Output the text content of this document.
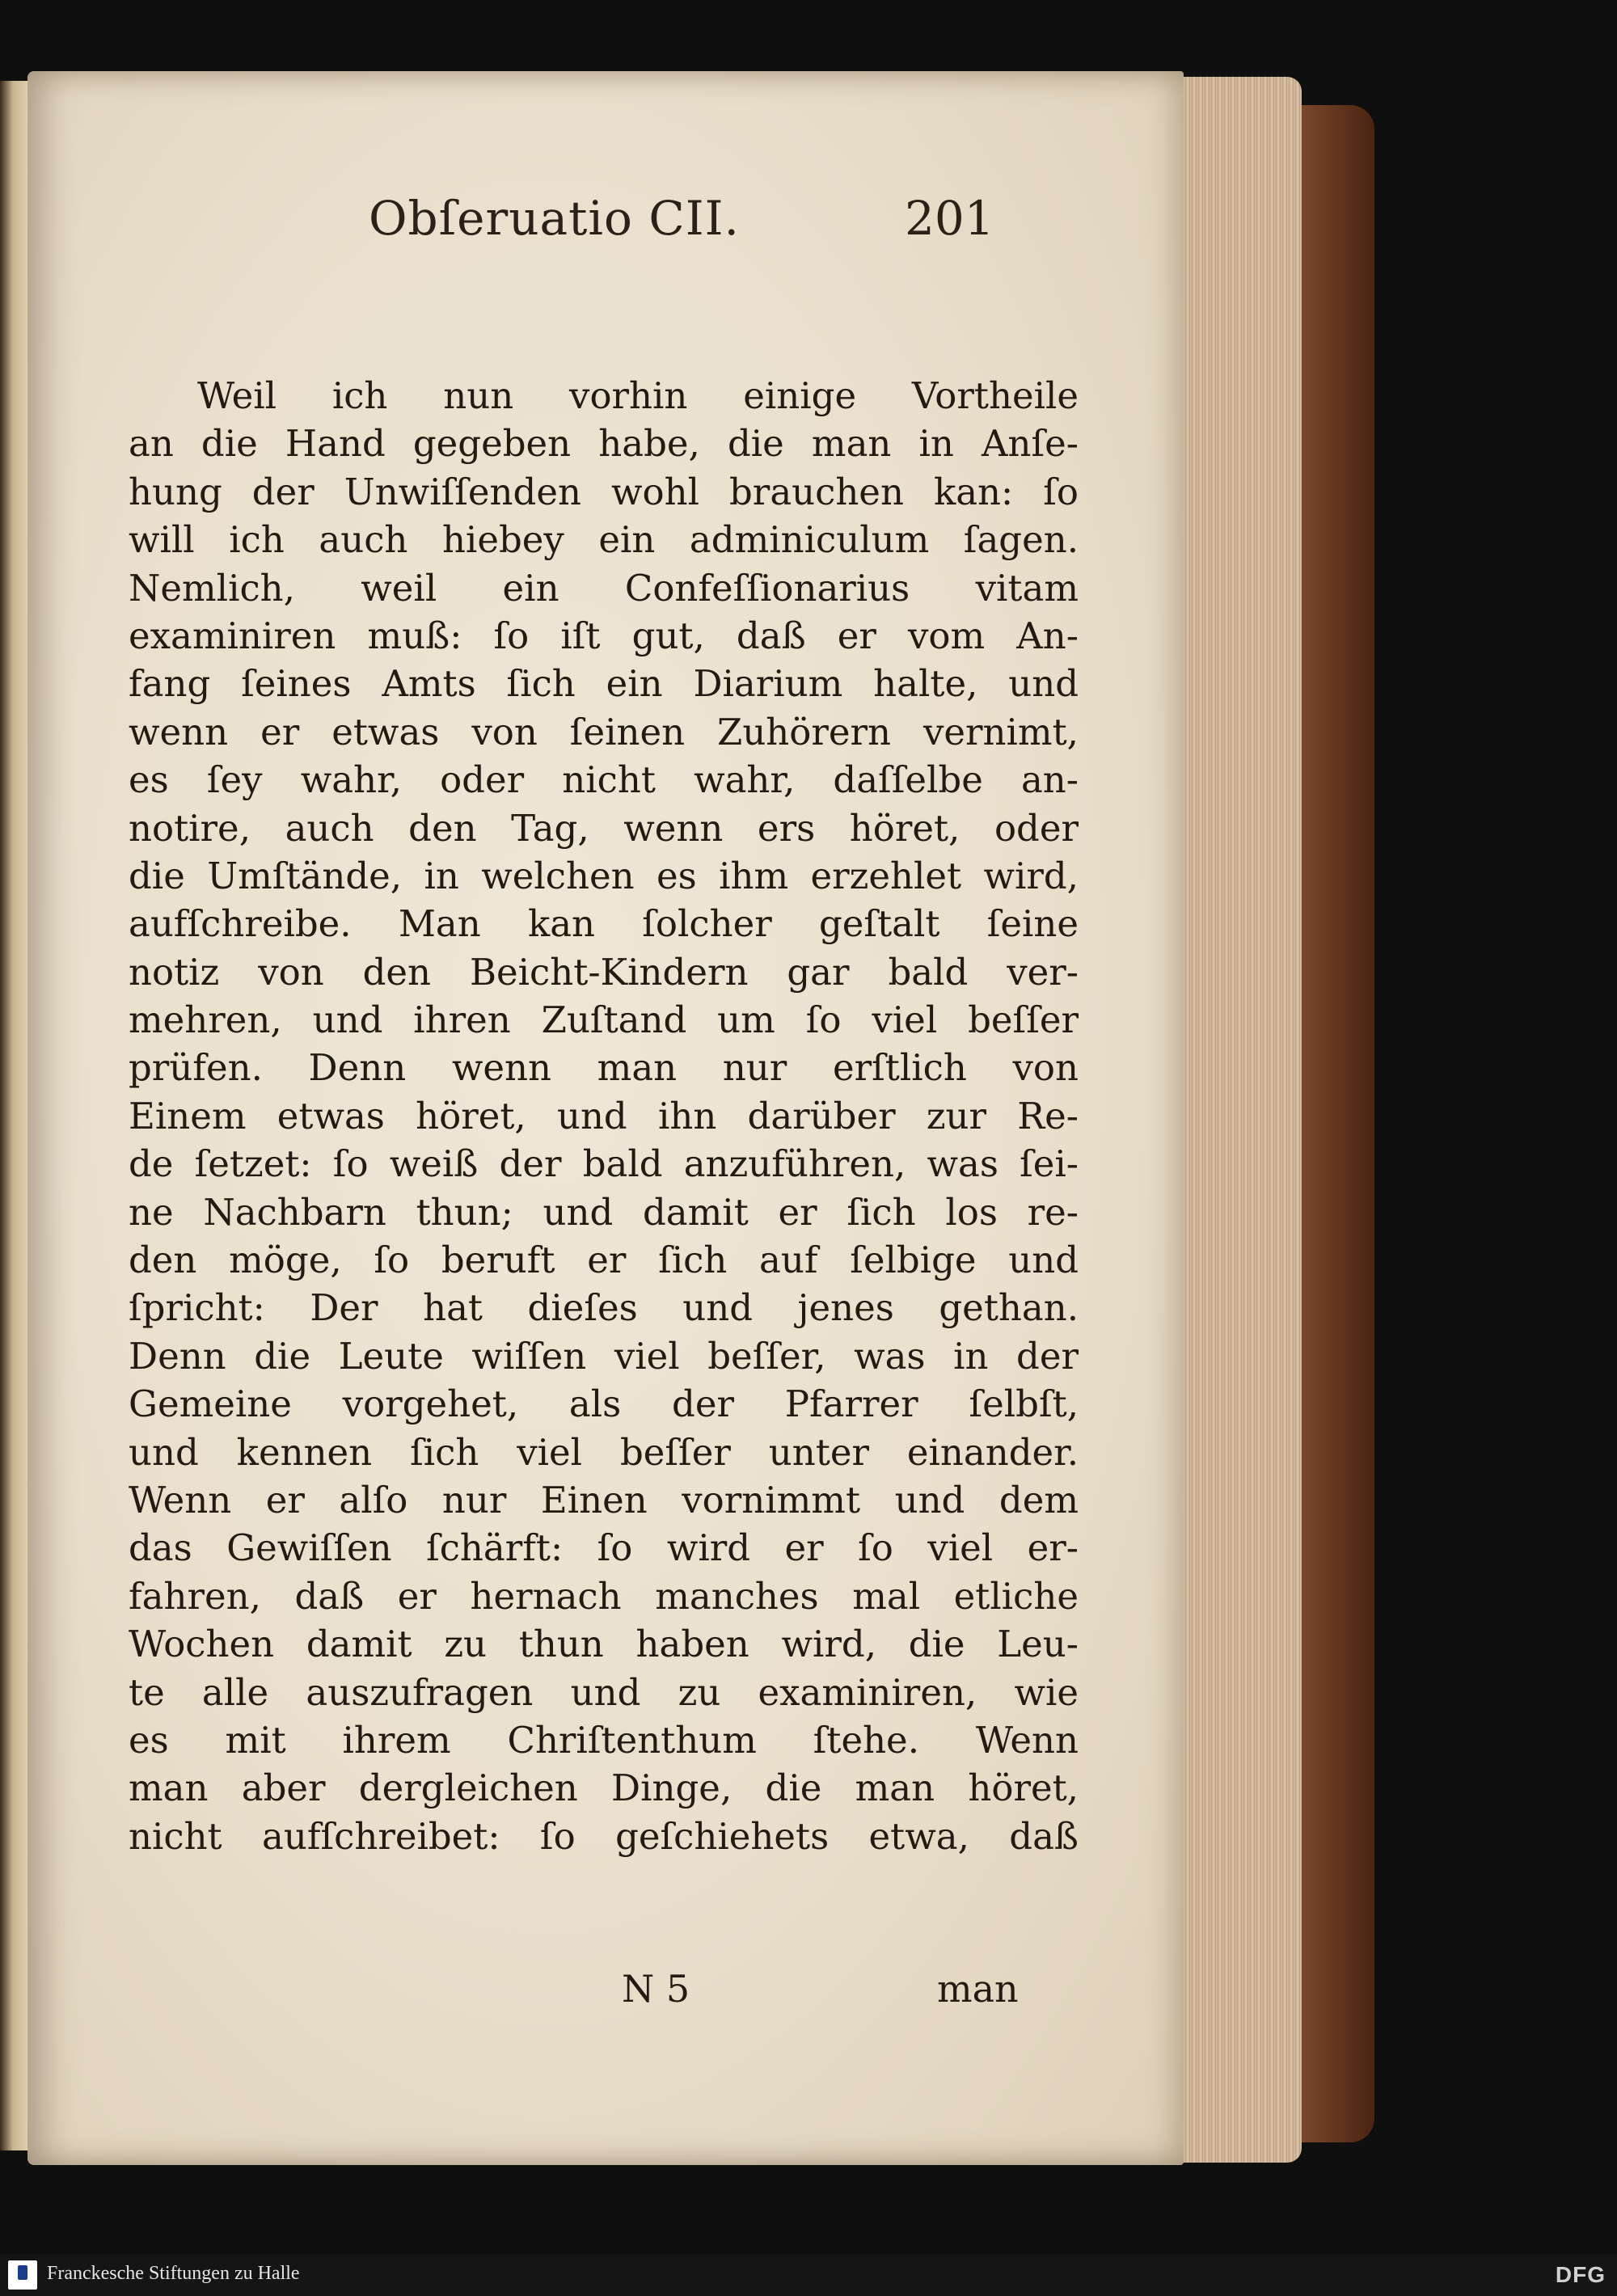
Obſeruatio CII.	201
Weil ich nun vorhin einige Vortheile
an die Hand gegeben habe, die man in Anſe-
hung der Unwiſſenden wohl brauchen kan: ſo
will ich auch hiebey ein adminiculum ſagen.
Nemlich, weil ein Confeſſionarius vitam
examiniren muß: ſo iſt gut, daß er vom An-
fang ſeines Amts ſich ein Diarium halte, und
wenn er etwas von ſeinen Zuhörern vernimt,
es ſey wahr, oder nicht wahr, daſſelbe an-
notire, auch den Tag, wenn ers höret, oder
die Umſtände, in welchen es ihm erzehlet wird,
aufſchreibe. Man kan ſolcher geſtalt ſeine
notiz von den Beicht-Kindern gar bald ver-
mehren, und ihren Zuſtand um ſo viel beſſer
prüfen. Denn wenn man nur erſtlich von
Einem etwas höret, und ihn darüber zur Re-
de ſetzet: ſo weiß der bald anzuführen, was ſei-
ne Nachbarn thun; und damit er ſich los re-
den möge, ſo beruft er ſich auf ſelbige und
ſpricht: Der hat dieſes und jenes gethan.
Denn die Leute wiſſen viel beſſer, was in der
Gemeine vorgehet, als der Pfarrer ſelbſt,
und kennen ſich viel beſſer unter einander.
Wenn er alſo nur Einen vornimmt und dem
das Gewiſſen ſchärft: ſo wird er ſo viel er-
fahren, daß er hernach manches mal etliche
Wochen damit zu thun haben wird, die Leu-
te alle auszufragen und zu examiniren, wie
es mit ihrem Chriſtenthum ſtehe. Wenn
man aber dergleichen Dinge, die man höret,
nicht aufſchreibet: ſo geſchiehets etwa, daß
N 5	man
Franckesche Stiftungen zu Halle	DFG
